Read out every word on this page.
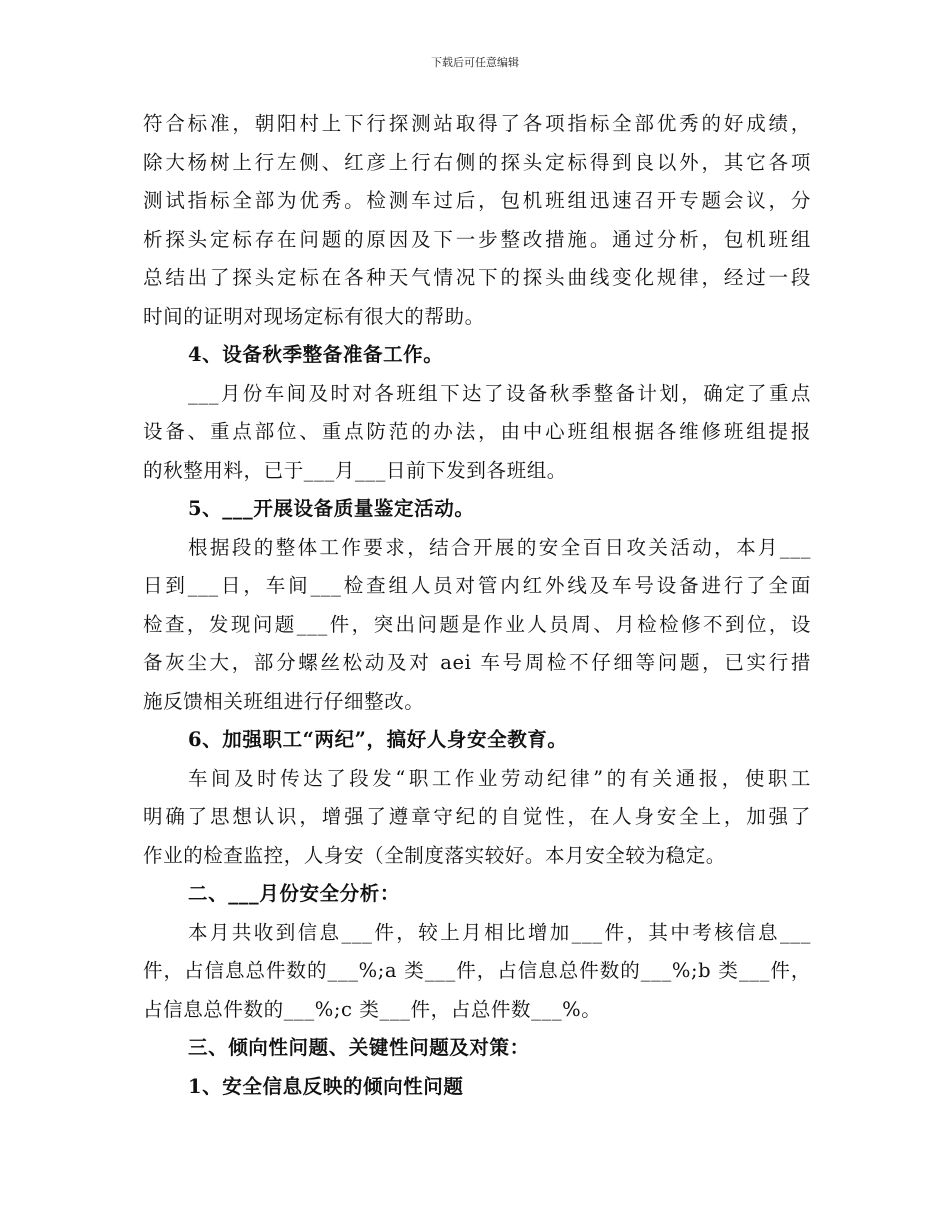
下载后可任意编辑
符合标准，朝阳村上下行探测站取得了各项指标全部优秀的好成绩，
除大杨树上行左侧、红彦上行右侧的探头定标得到良以外，其它各项
测试指标全部为优秀。检测车过后，包机班组迅速召开专题会议，分
析探头定标存在问题的原因及下一步整改措施。通过分析，包机班组
总结出了探头定标在各种天气情况下的探头曲线变化规律，经过一段
时间的证明对现场定标有很大的帮助。
4、设备秋季整备准备工作。
___月份车间及时对各班组下达了设备秋季整备计划，确定了重点
设备、重点部位、重点防范的办法，由中心班组根据各维修班组提报
的秋整用料，已于___月___日前下发到各班组。
5、___开展设备质量鉴定活动。
根据段的整体工作要求，结合开展的安全百日攻关活动，本月___
日到___日，车间___检查组人员对管内红外线及车号设备进行了全面
检查，发现问题___件，突出问题是作业人员周、月检检修不到位，设
备灰尘大，部分螺丝松动及对 aei 车号周检不仔细等问题，已实行措
施反馈相关班组进行仔细整改。
6、加强职工“两纪”，搞好人身安全教育。
车间及时传达了段发“职工作业劳动纪律”的有关通报，使职工
明确了思想认识，增强了遵章守纪的自觉性，在人身安全上，加强了
作业的检查监控，人身安（全制度落实较好。本月安全较为稳定。
二、___月份安全分析：
本月共收到信息___件，较上月相比增加___件，其中考核信息___
件，占信息总件数的___%;a 类___件，占信息总件数的___%;b 类___件，
占信息总件数的___%;c 类___件，占总件数___%。
三、倾向性问题、关键性问题及对策：
1、安全信息反映的倾向性问题
